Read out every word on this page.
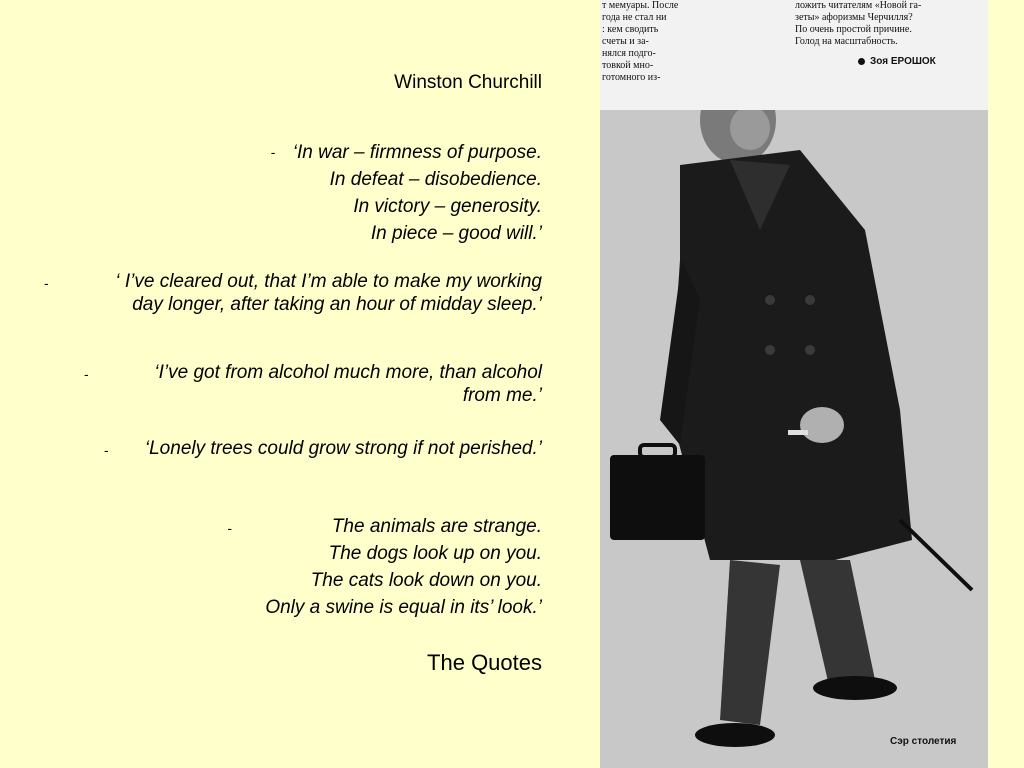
Winston Churchill
- ‘In war – firmness of purpose.
In defeat – disobedience.
In victory – generosity.
In piece – good will.’
-	‘ I’ve cleared out, that I’m able to make my working day longer, after taking an hour of midday sleep.’
-	‘I’ve got from alcohol much more, than alcohol from me.’
- ‘Lonely trees could grow strong if not perished.’
-	The animals are strange.
The dogs look up on you.
The cats look down on you.
Only a swine is equal in its’ look.’
The Quotes
т мемуары. После
года не стал ни
: кем сводить
счеты и за-
нялся подго-
товкой мно-
готомного из-
ложить читателям «Новой га-
зеты» афоризмы Черчилля?
По очень простой причине.
Голод на масштабность.
Зоя ЕРОШОК
Сэр столетия
